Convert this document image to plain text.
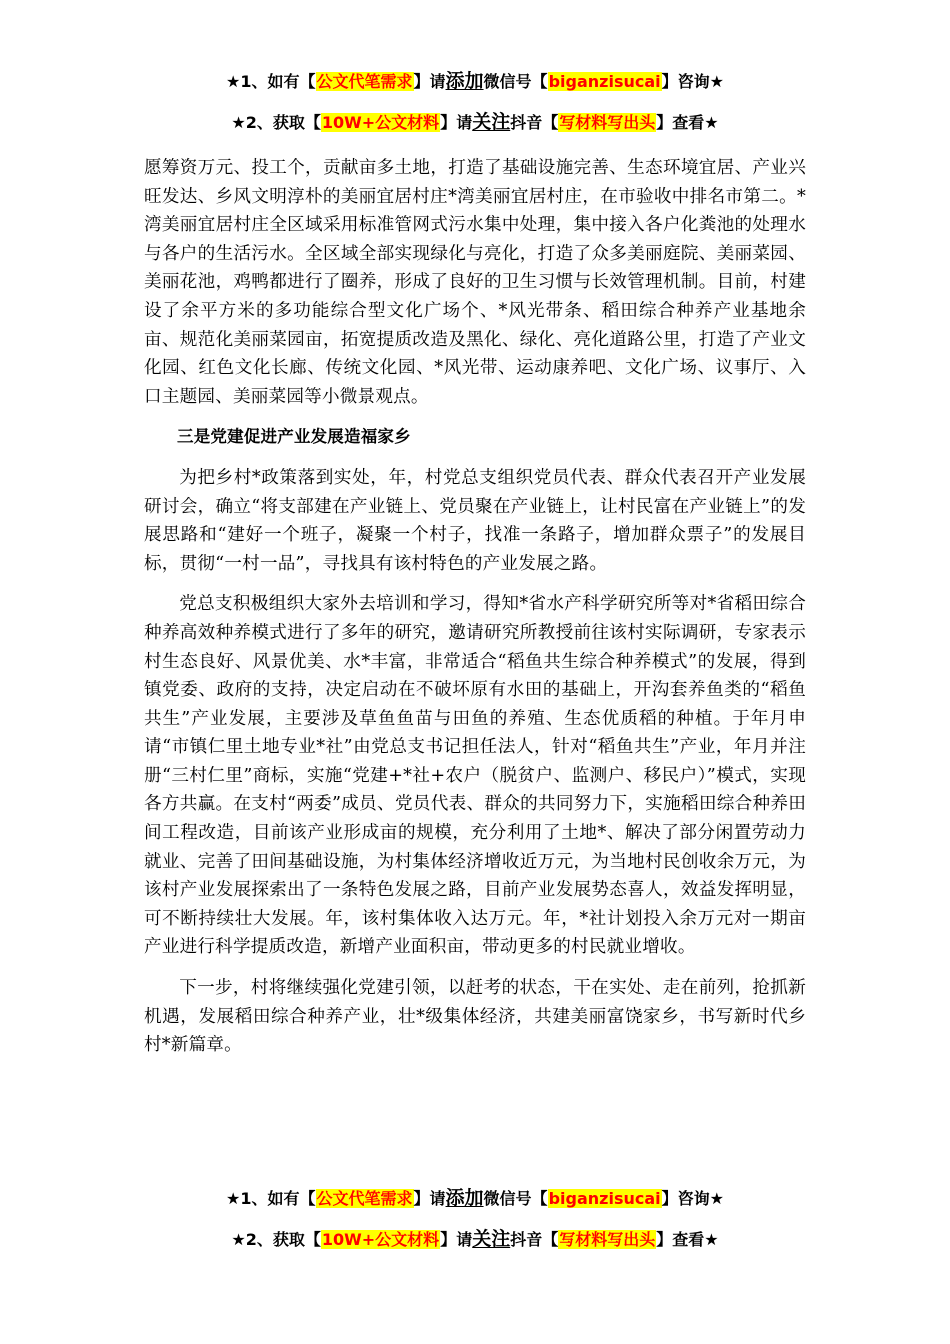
★1、如有【公文代笔需求】请添加微信号【biganzisucai】咨询★
★2、获取【10W+公文材料】请关注抖音【写材料写出头】查看★

愿筹资万元、投工个，贡献亩多土地，打造了基础设施完善、生态环境宜居、产业兴旺发达、乡风文明淳朴的美丽宜居村庄*湾美丽宜居村庄，在市验收中排名市第二。*湾美丽宜居村庄全区域采用标准管网式污水集中处理，集中接入各户化粪池的处理水与各户的生活污水。全区域全部实现绿化与亮化，打造了众多美丽庭院、美丽菜园、美丽花池，鸡鸭都进行了圈养，形成了良好的卫生习惯与长效管理机制。目前，村建设了余平方米的多功能综合型文化广场个、*风光带条、稻田综合种养产业基地余亩、规范化美丽菜园亩，拓宽提质改造及黑化、绿化、亮化道路公里，打造了产业文化园、红色文化长廊、传统文化园、*风光带、运动康养吧、文化广场、议事厅、入口主题园、美丽菜园等小微景观点。

三是党建促进产业发展造福家乡

为把乡村*政策落到实处，年，村党总支组织党员代表、群众代表召开产业发展研讨会，确立“将支部建在产业链上、党员聚在产业链上，让村民富在产业链上”的发展思路和“建好一个班子，凝聚一个村子，找准一条路子，增加群众票子”的发展目标，贯彻“一村一品”，寻找具有该村特色的产业发展之路。

党总支积极组织大家外去培训和学习，得知*省水产科学研究所等对*省稻田综合种养高效种养模式进行了多年的研究，邀请研究所教授前往该村实际调研，专家表示村生态良好、风景优美、水*丰富，非常适合“稻鱼共生综合种养模式”的发展，得到镇党委、政府的支持，决定启动在不破坏原有水田的基础上，开沟套养鱼类的“稻鱼共生”产业发展，主要涉及草鱼鱼苗与田鱼的养殖、生态优质稻的种植。于年月申请“市镇仁里土地专业*社”由党总支书记担任法人，针对“稻鱼共生”产业，年月并注册“三村仁里”商标，实施“党建+*社+农户（脱贫户、监测户、移民户）”模式，实现各方共赢。在支村“两委”成员、党员代表、群众的共同努力下，实施稻田综合种养田间工程改造，目前该产业形成亩的规模，充分利用了土地*、解决了部分闲置劳动力就业、完善了田间基础设施，为村集体经济增收近万元，为当地村民创收余万元，为该村产业发展探索出了一条特色发展之路，目前产业发展势态喜人，效益发挥明显，可不断持续壮大发展。年，该村集体收入达万元。年，*社计划投入余万元对一期亩产业进行科学提质改造，新增产业面积亩，带动更多的村民就业增收。

下一步，村将继续强化党建引领，以赶考的状态，干在实处、走在前列，抢抓新机遇，发展稻田综合种养产业，壮*级集体经济，共建美丽富饶家乡，书写新时代乡村*新篇章。

★1、如有【公文代笔需求】请添加微信号【biganzisucai】咨询★
★2、获取【10W+公文材料】请关注抖音【写材料写出头】查看★
